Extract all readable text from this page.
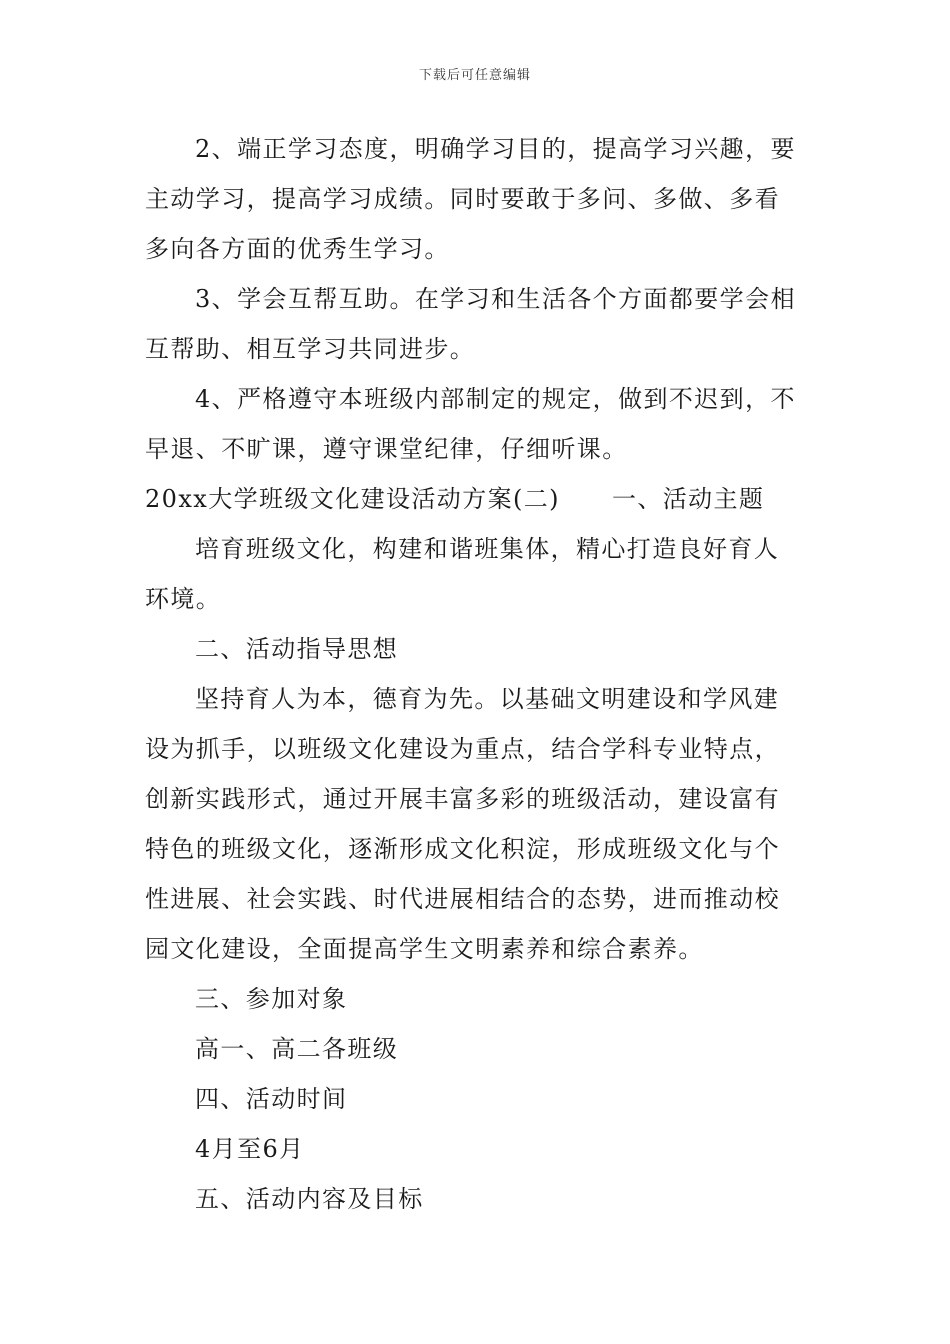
下载后可任意编辑

2、端正学习态度，明确学习目的，提高学习兴趣，要

主动学习，提高学习成绩。同时要敢于多问、多做、多看

多向各方面的优秀生学习。

3、学会互帮互助。在学习和生活各个方面都要学会相

互帮助、相互学习共同进步。

4、严格遵守本班级内部制定的规定，做到不迟到，不

早退、不旷课，遵守课堂纪律，仔细听课。

20xx大学班级文化建设活动方案(二) 一、活动主题

培育班级文化，构建和谐班集体，精心打造良好育人

环境。

二、活动指导思想

坚持育人为本，德育为先。以基础文明建设和学风建

设为抓手，以班级文化建设为重点，结合学科专业特点，

创新实践形式，通过开展丰富多彩的班级活动，建设富有

特色的班级文化，逐渐形成文化积淀，形成班级文化与个

性进展、社会实践、时代进展相结合的态势，进而推动校

园文化建设，全面提高学生文明素养和综合素养。

三、参加对象

高一、高二各班级

四、活动时间

4月至6月

五、活动内容及目标
